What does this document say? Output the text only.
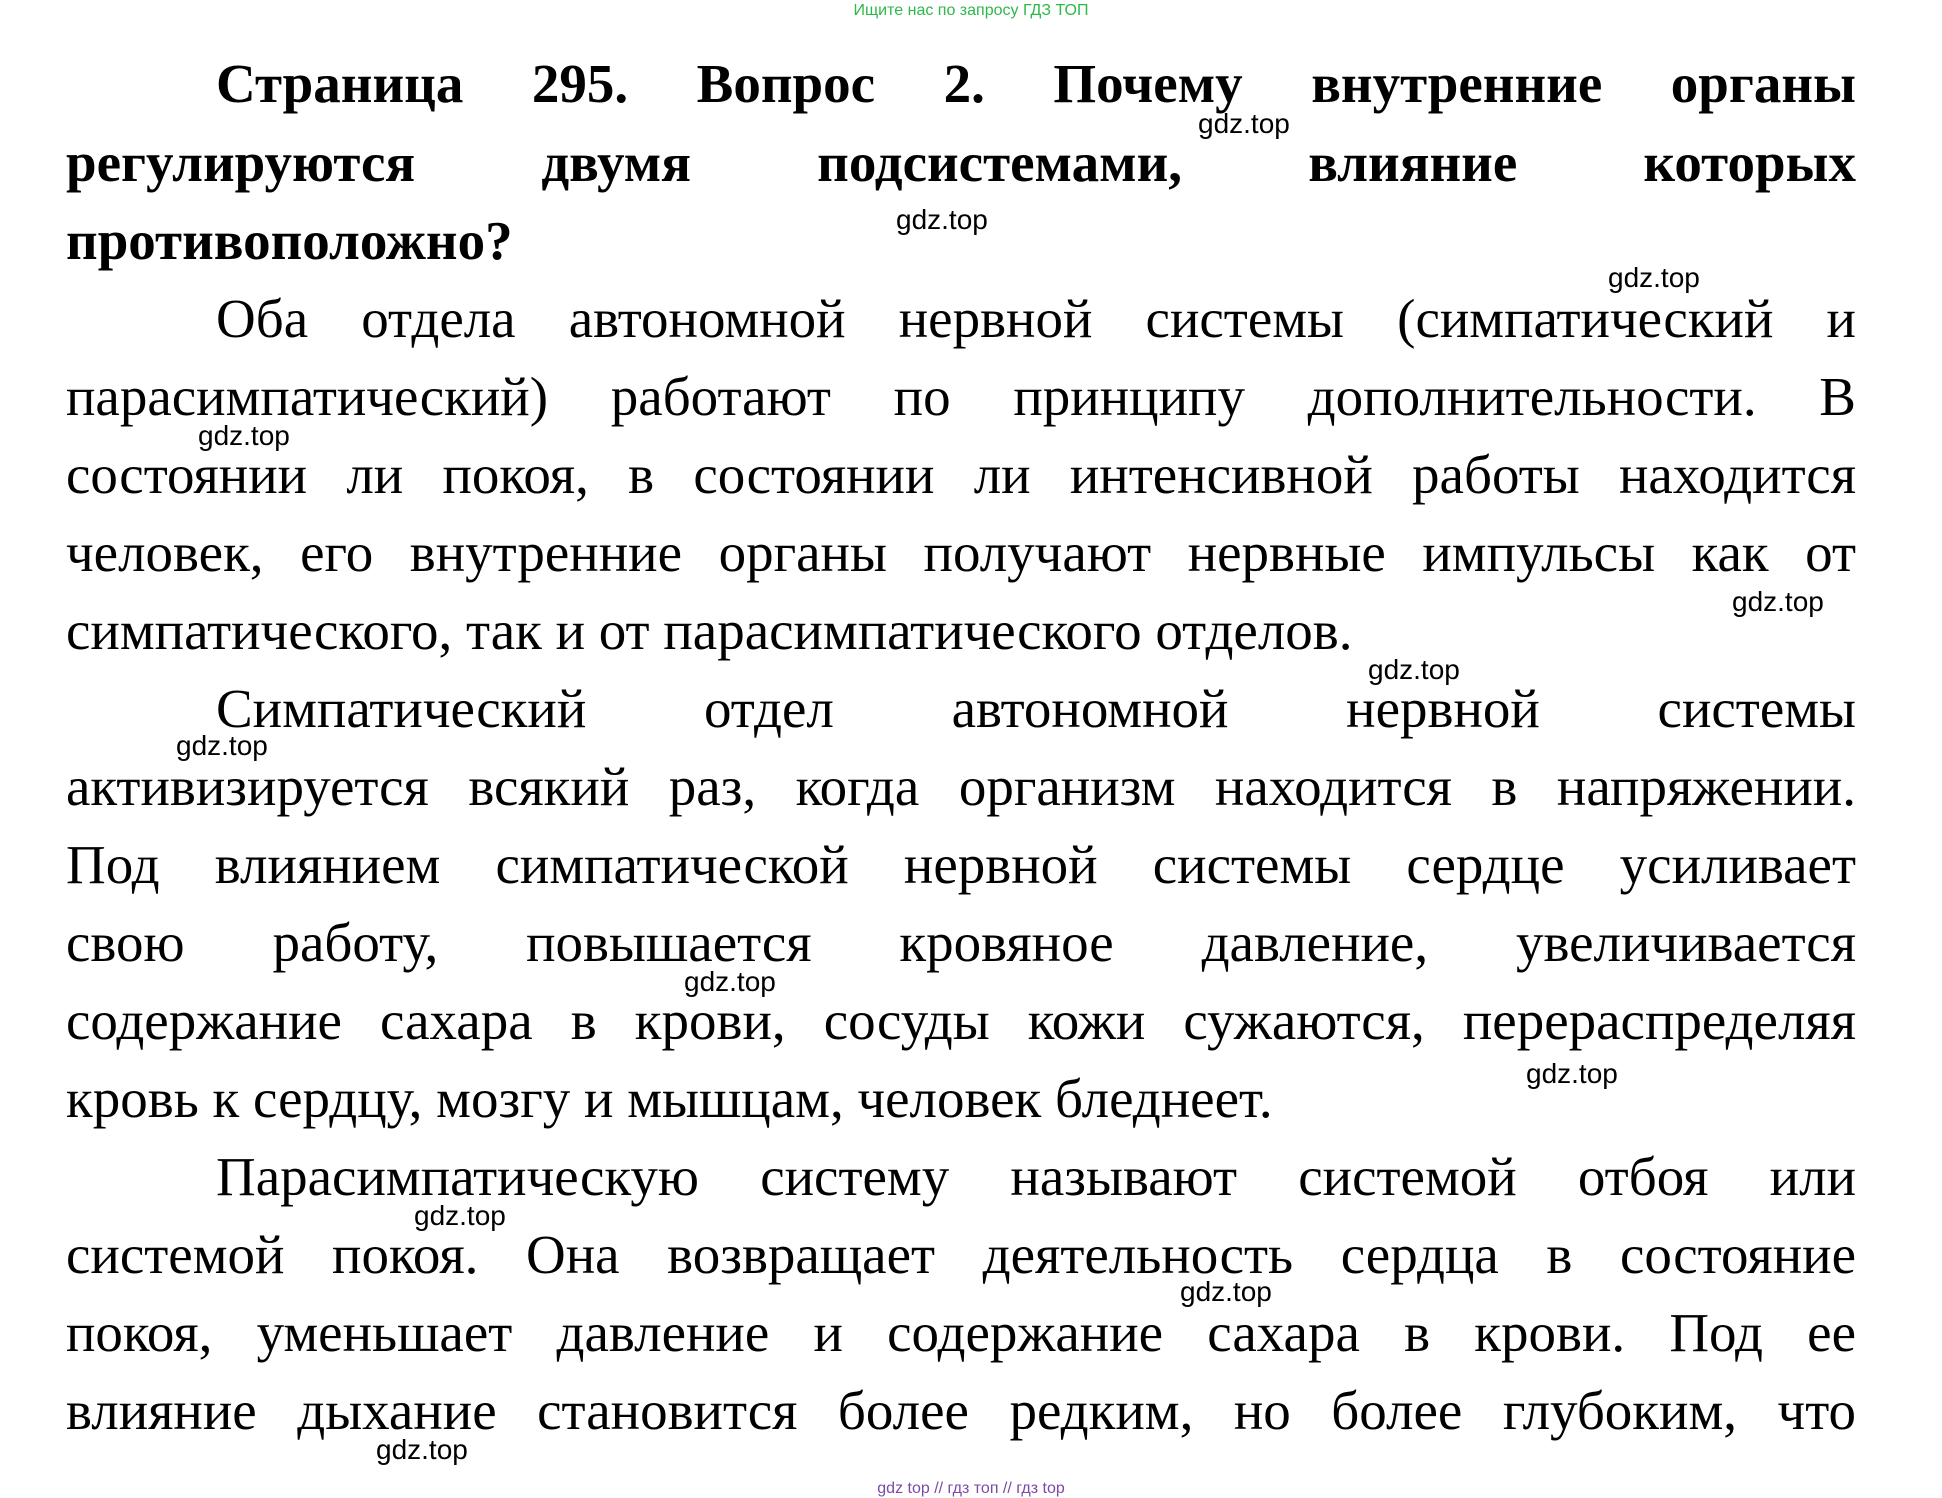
Ищите нас по запросу ГДЗ ТОП
Страница 295. Вопрос 2. Почему внутренние органы
регулируются двумя подсистемами, влияние которых
противоположно?
Оба отдела автономной нервной системы (симпатический и
парасимпатический) работают по принципу дополнительности. В
состоянии ли покоя, в состоянии ли интенсивной работы находится
человек, его внутренние органы получают нервные импульсы как от
симпатического, так и от парасимпатического отделов.
Симпатический отдел автономной нервной системы
активизируется всякий раз, когда организм находится в напряжении.
Под влиянием симпатической нервной системы сердце усиливает
свою работу, повышается кровяное давление, увеличивается
содержание сахара в крови, сосуды кожи сужаются, перераспределяя
кровь к сердцу, мозгу и мышцам, человек бледнеет.
Парасимпатическую систему называют системой отбоя или
системой покоя. Она возвращает деятельность сердца в состояние
покоя, уменьшает давление и содержание сахара в крови. Под ее
влияние дыхание становится более редким, но более глубоким, что
gdz.top
gdz.top
gdz.top
gdz.top
gdz.top
gdz.top
gdz.top
gdz.top
gdz.top
gdz.top
gdz.top
gdz.top
gdz top // гдз топ // гдз top
